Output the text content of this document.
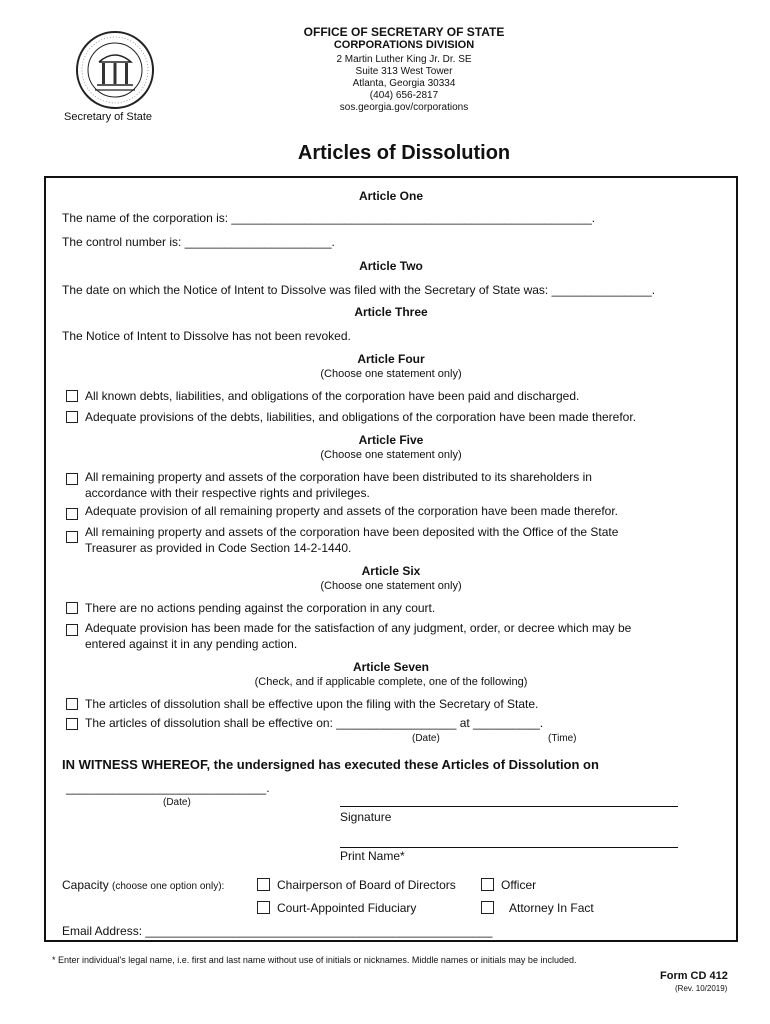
Secretary of State
OFFICE OF SECRETARY OF STATE
CORPORATIONS DIVISION
2 Martin Luther King Jr. Dr. SE
Suite 313 West Tower
Atlanta, Georgia 30334
(404) 656-2817
sos.georgia.gov/corporations
Articles of Dissolution
Article One
The name of the corporation is: ______________________________________________________.
The control number is: ______________________.
Article Two
The date on which the Notice of Intent to Dissolve was filed with the Secretary of State was: _______________.
Article Three
The Notice of Intent to Dissolve has not been revoked.
Article Four
(Choose one statement only)
All known debts, liabilities, and obligations of the corporation have been paid and discharged.
Adequate provisions of the debts, liabilities, and obligations of the corporation have been made therefor.
Article Five
(Choose one statement only)
All remaining property and assets of the corporation have been distributed to its shareholders in
accordance with their respective rights and privileges.
Adequate provision of all remaining property and assets of the corporation have been made therefor.
All remaining property and assets of the corporation have been deposited with the Office of the State
Treasurer as provided in Code Section 14-2-1440.
Article Six
(Choose one statement only)
There are no actions pending against the corporation in any court.
Adequate provision has been made for the satisfaction of any judgment, order, or decree which may be
entered against it in any pending action.
Article Seven
(Check, and if applicable complete, one of the following)
The articles of dissolution shall be effective upon the filing with the Secretary of State.
The articles of dissolution shall be effective on: __________________ at __________.
(Date)	(Time)
IN WITNESS WHEREOF, the undersigned has executed these Articles of Dissolution on
______________________________.
(Date)
Signature
Print Name*
Capacity (choose one option only):	Chairperson of Board of Directors	Officer
Court-Appointed Fiduciary	Attorney In Fact
Email Address: ____________________________________________________
* Enter individual's legal name, i.e. first and last name without use of initials or nicknames. Middle names or initials may be included.
Form CD 412
(Rev. 10/2019)
